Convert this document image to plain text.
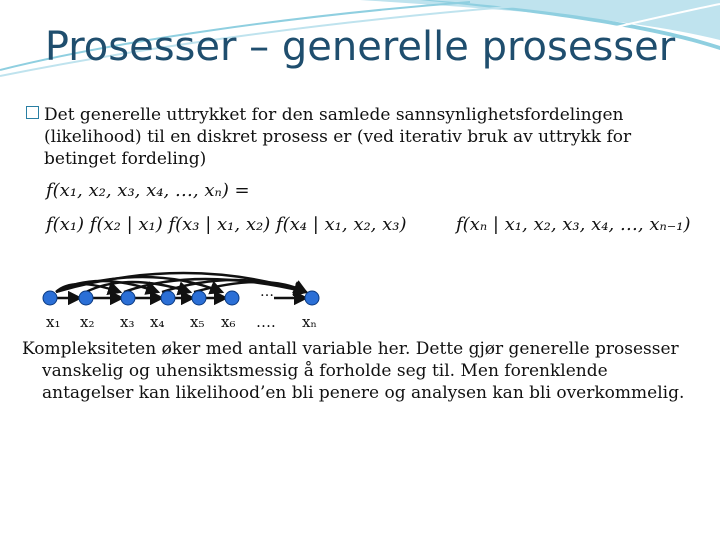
Prosesser – generelle prosesser
Det generelle uttrykket for den samlede sannsynlighetsfordelingen
(likelihood) til en diskret prosess er (ved iterativ bruk av uttrykk for
betinget fordeling)
f(x₁, x₂, x₃, x₄, …, xₙ) =
f(x₁) f(x₂ | x₁) f(x₃ | x₁, x₂) f(x₄ | x₁, x₂, x₃)	f(xₙ | x₁, x₂, x₃, x₄, …, xₙ₋₁)
…
x₁ x₂ x₃ x₄ x₅ x₆ …. xₙ
Kompleksiteten øker med antall variable her. Dette gjør generelle prosesser
vanskelig og uhensiktsmessig å forholde seg til. Men forenklende
antagelser kan likelihood’en bli penere og analysen kan bli overkommelig.
